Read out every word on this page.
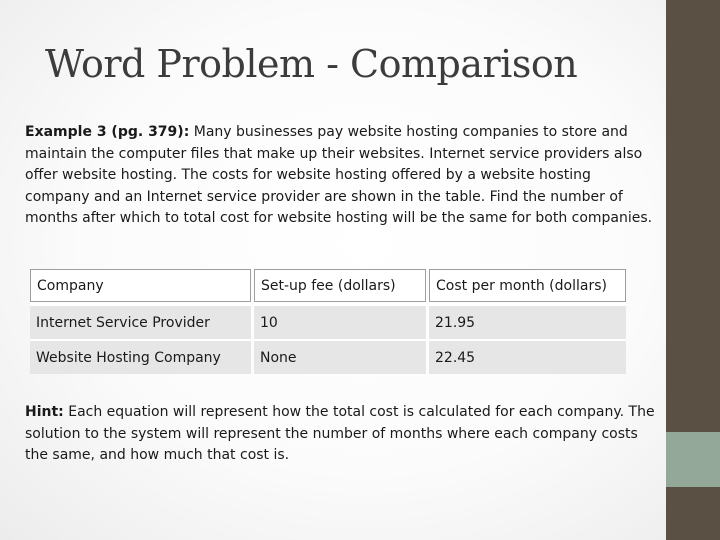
Word Problem - Comparison
Example 3 (pg. 379): Many businesses pay website hosting companies to store and maintain the computer files that make up their websites. Internet service providers also offer website hosting. The costs for website hosting offered by a website hosting company and an Internet service provider are shown in the table. Find the number of months after which to total cost for website hosting will be the same for both companies.
Company	Set-up fee (dollars)	Cost per month (dollars)
Internet Service Provider	10	21.95
Website Hosting Company	None	22.45
Hint: Each equation will represent how the total cost is calculated for each company. The solution to the system will represent the number of months where each company costs the same, and how much that cost is.
